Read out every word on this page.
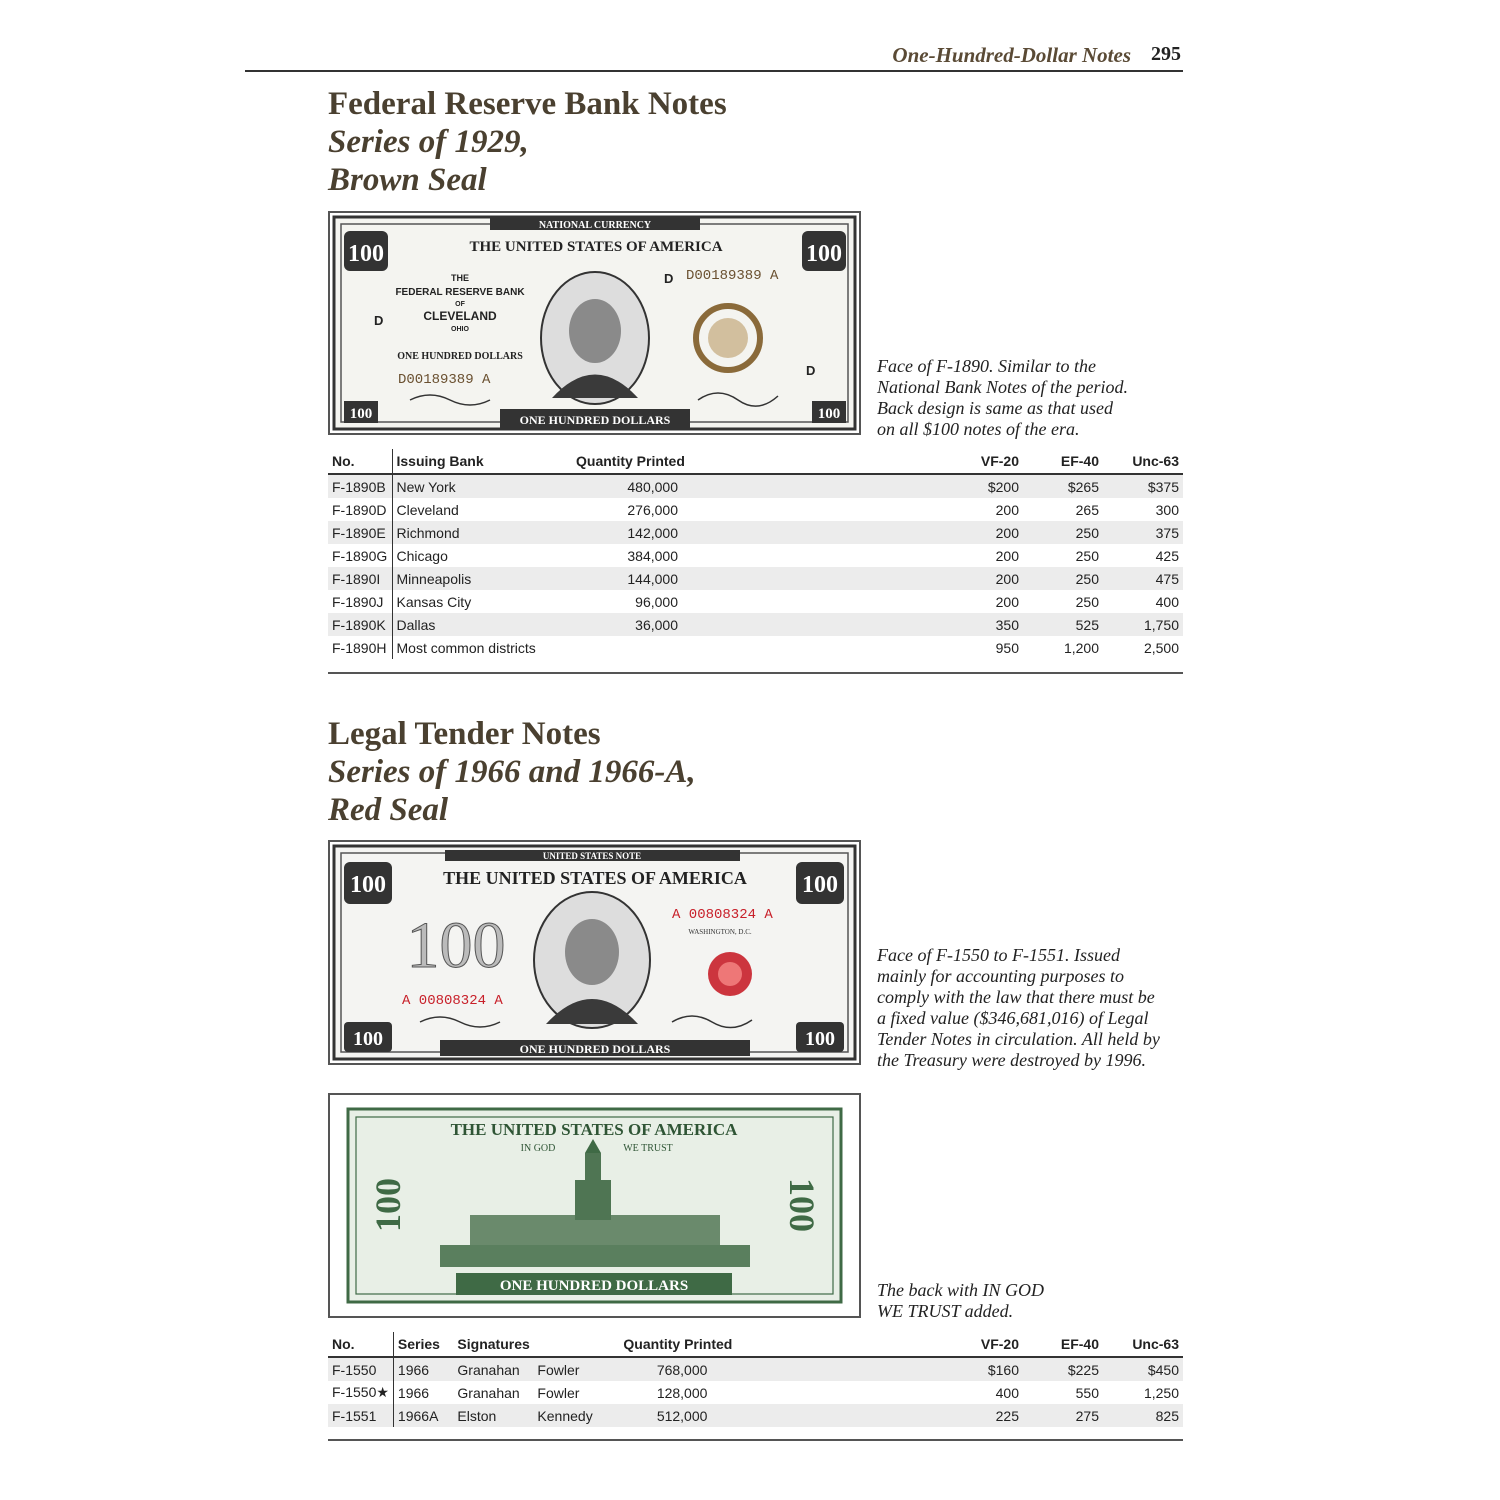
One-Hundred-Dollar Notes 295
Federal Reserve Bank Notes
Series of 1929,
Brown Seal
NATIONAL CURRENCY
THE UNITED STATES OF AMERICA
100	100
100	100
THE
FEDERAL RESERVE BANK
OF
CLEVELAND
OHIO
ONE HUNDRED DOLLARS
D
D00189389 A
D00189389 A
D
D
ONE HUNDRED DOLLARS
Face of F-1890. Similar to the
National Bank Notes of the period.
Back design is same as that used
on all $100 notes of the era.
No.	Issuing Bank	Quantity Printed		VF-20	EF-40	Unc-63
F-1890B	New York	480,000		$200	$265	$375
F-1890D	Cleveland	276,000		200	265	300
F-1890E	Richmond	142,000		200	250	375
F-1890G	Chicago	384,000		200	250	425
F-1890I	Minneapolis	144,000		200	250	475
F-1890J	Kansas City	96,000		200	250	400
F-1890K	Dallas	36,000		350	525	1,750
F-1890H	Most common districts			950	1,200	2,500
Legal Tender Notes
Series of 1966 and 1966-A,
Red Seal
UNITED STATES NOTE
THE UNITED STATES OF AMERICA
100	100
100	100
100
A 00808324 A
A 00808324 A
WASHINGTON, D.C.
ONE HUNDRED DOLLARS
Face of F-1550 to F-1551. Issued
mainly for accounting purposes to
comply with the law that there must be
a fixed value ($346,681,016) of Legal
Tender Notes in circulation. All held by
the Treasury were destroyed by 1996.
THE UNITED STATES OF AMERICA
IN GOD	WE TRUST
100	100
ONE HUNDRED DOLLARS	The back with IN GOD
WE TRUST added.
No.	Series	Signatures		Quantity Printed		VF-20	EF-40	Unc-63
F-1550	1966	Granahan	Fowler	768,000		$160	$225	$450
F-1550★	1966	Granahan	Fowler	128,000		400	550	1,250
F-1551	1966A	Elston	Kennedy	512,000		225	275	825
